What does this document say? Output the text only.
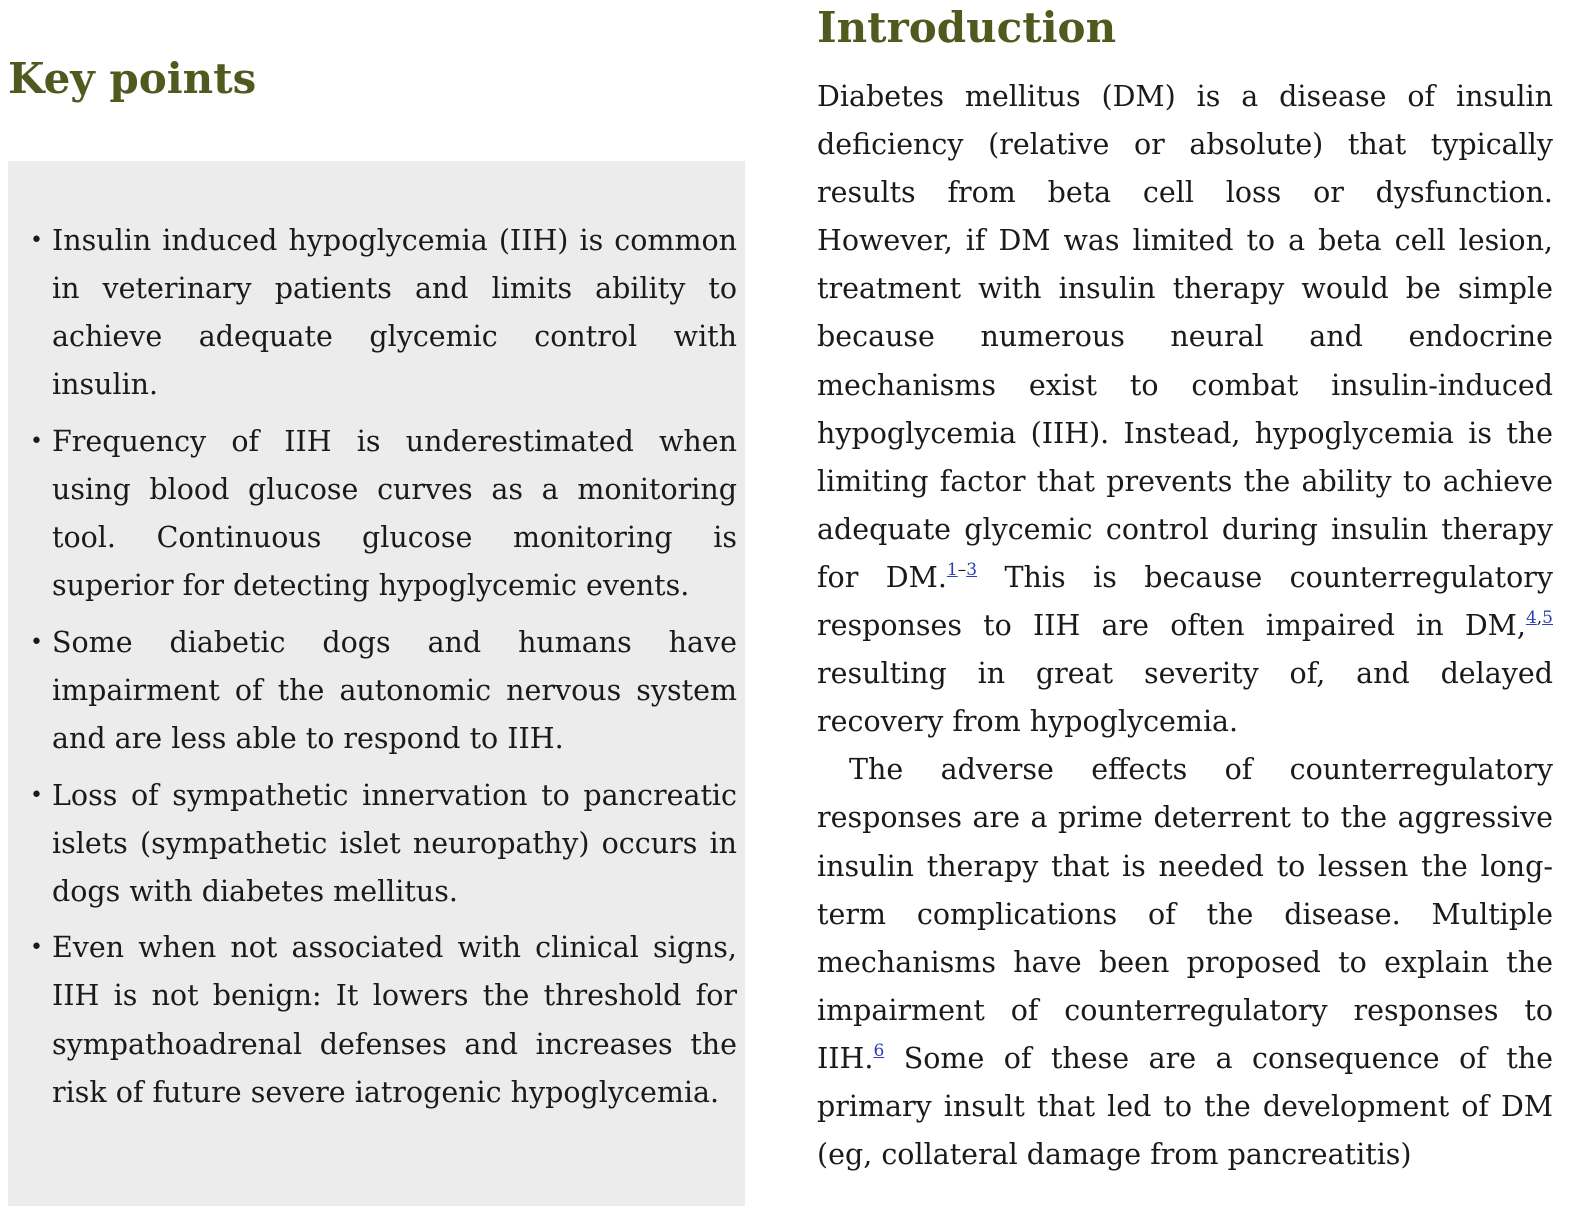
Key points
• Insulin induced hypoglycemia (IIH) is common in veterinary patients and limits ability to achieve adequate glycemic control with insulin.
• Frequency of IIH is underestimated when using blood glucose curves as a monitoring tool. Continuous glucose monitoring is superior for detecting hypoglycemic events.
• Some diabetic dogs and humans have impairment of the autonomic nervous system and are less able to respond to IIH.
• Loss of sympathetic innervation to pancreatic islets (sympathetic islet neuropathy) occurs in dogs with diabetes mellitus.
• Even when not associated with clinical signs, IIH is not benign: It lowers the threshold for sympathoadrenal defenses and increases the risk of future severe iatrogenic hypoglycemia.
Introduction

Diabetes mellitus (DM) is a disease of insulin deficiency (relative or absolute) that typically results from beta cell loss or dysfunction. However, if DM was limited to a beta cell lesion, treatment with insulin therapy would be simple because numerous neural and endocrine mechanisms exist to combat insulin-induced hypoglycemia (IIH). Instead, hypoglycemia is the limiting factor that prevents the ability to achieve adequate glycemic control during insulin therapy for DM.$^{1-3}$ This is because counterregulatory responses to IIH are often impaired in DM,$^{4,5}$ resulting in great severity of, and delayed recovery from hypoglycemia.

The adverse effects of counterregulatory responses are a prime deterrent to the aggressive insulin therapy that is needed to lessen the long-term complications of the disease. Multiple mechanisms have been proposed to explain the impairment of counterregulatory responses to IIH.$^6$ Some of these are a consequence of the primary insult that led to the development of DM (eg, collateral damage from pancreatitis)
